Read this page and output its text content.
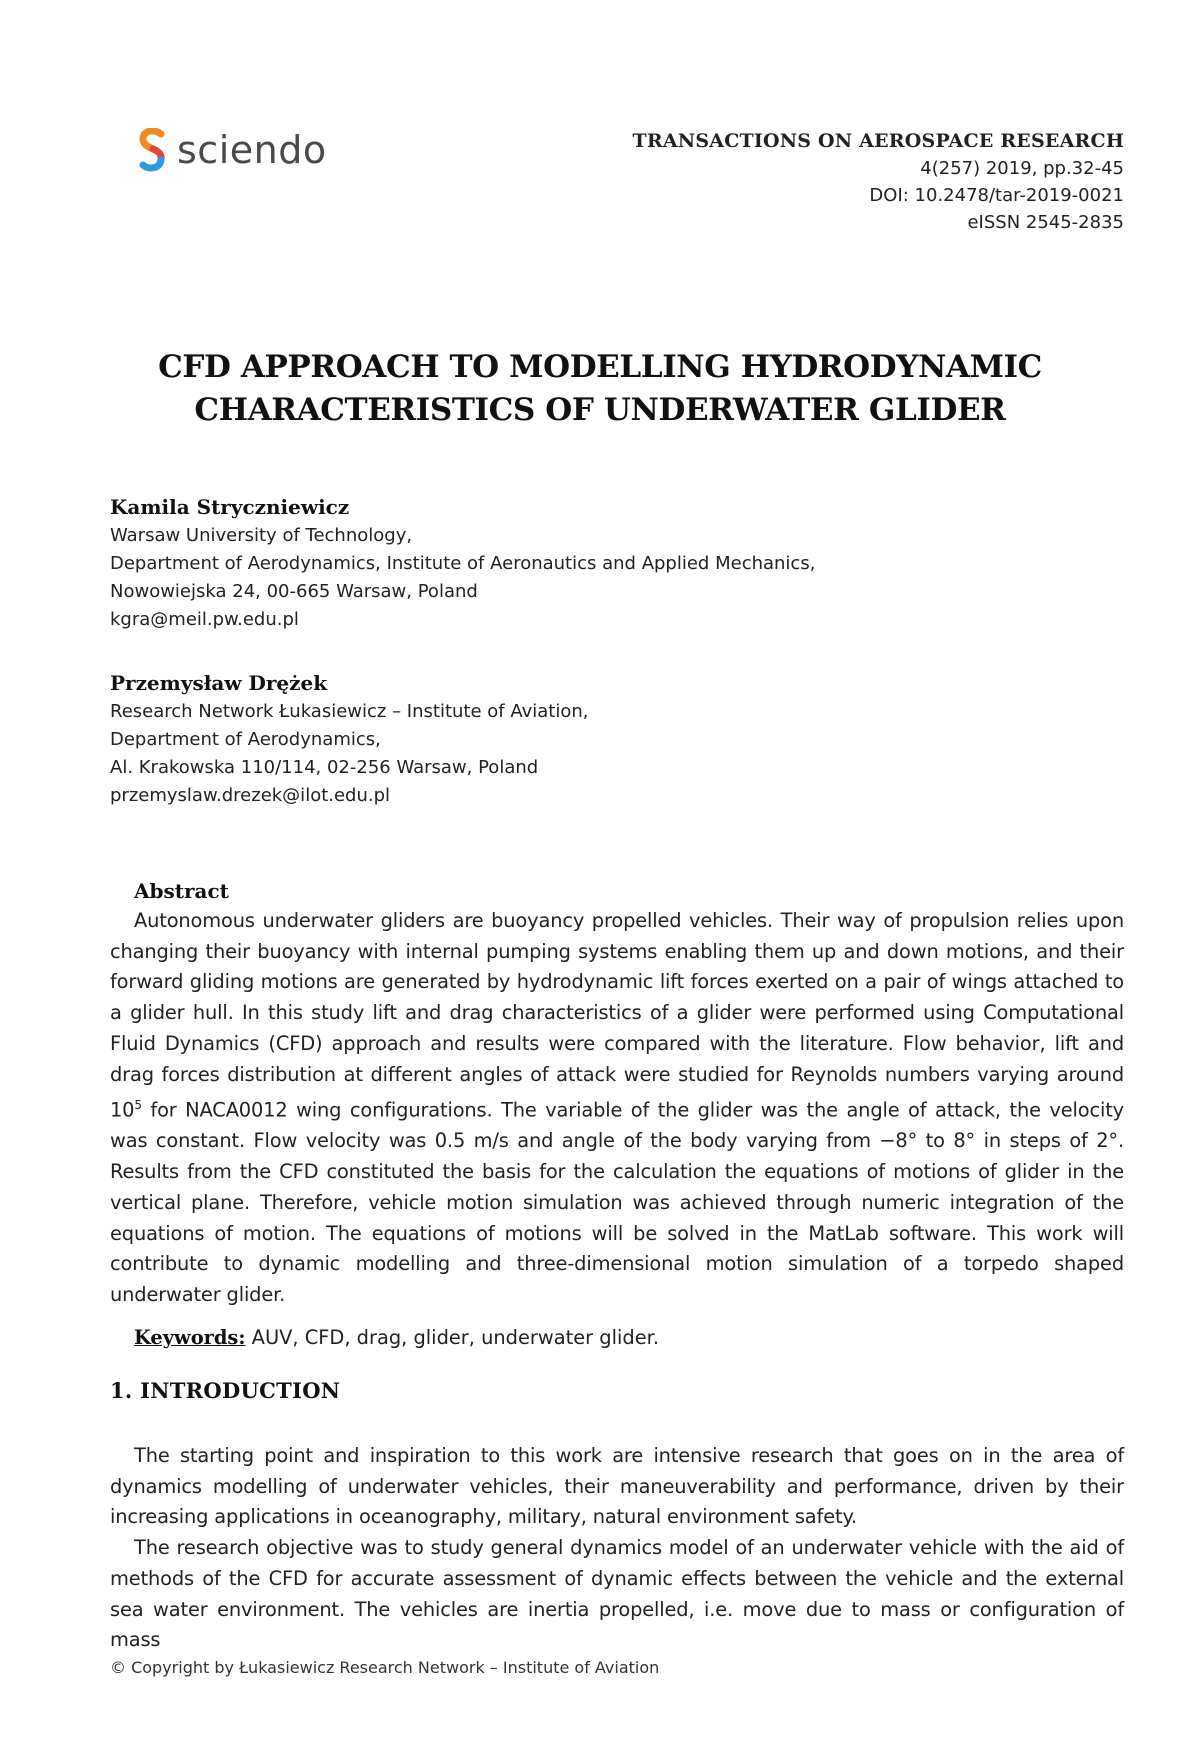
sciendo	TRANSACTIONS ON AEROSPACE RESEARCH
4(257) 2019, pp.32-45
DOI: 10.2478/tar-2019-0021
eISSN 2545-2835
CFD APPROACH TO MODELLING HYDRODYNAMIC
CHARACTERISTICS OF UNDERWATER GLIDER
Kamila Stryczniewicz
Warsaw University of Technology,
Department of Aerodynamics, Institute of Aeronautics and Applied Mechanics,
Nowowiejska 24, 00-665 Warsaw, Poland
kgra@meil.pw.edu.pl
Przemysław Drężek
Research Network Łukasiewicz – Institute of Aviation,
Department of Aerodynamics,
Al. Krakowska 110/114, 02-256 Warsaw, Poland
przemyslaw.drezek@ilot.edu.pl
Abstract

Autonomous underwater gliders are buoyancy propelled vehicles. Their way of propulsion relies upon changing their buoyancy with internal pumping systems enabling them up and down motions, and their forward gliding motions are generated by hydrodynamic lift forces exerted on a pair of wings attached to a glider hull. In this study lift and drag characteristics of a glider were performed using Computational Fluid Dynamics (CFD) approach and results were compared with the literature. Flow behavior, lift and drag forces distribution at different angles of attack were studied for Reynolds numbers varying around $10^5$ for NACA0012 wing configurations. The variable of the glider was the angle of attack, the velocity was constant. Flow velocity was 0.5 m/s and angle of the body varying from −8° to 8° in steps of 2°. Results from the CFD constituted the basis for the calculation the equations of motions of glider in the vertical plane. Therefore, vehicle motion simulation was achieved through numeric integration of the equations of motion. The equations of motions will be solved in the MatLab software. This work will contribute to dynamic modelling and three-dimensional motion simulation of a torpedo shaped underwater glider.

Keywords: AUV, CFD, drag, glider, underwater glider.
1. INTRODUCTION

The starting point and inspiration to this work are intensive research that goes on in the area of dynamics modelling of underwater vehicles, their maneuverability and performance, driven by their increasing applications in oceanography, military, natural environment safety.

The research objective was to study general dynamics model of an underwater vehicle with the aid of methods of the CFD for accurate assessment of dynamic effects between the vehicle and the external sea water environment. The vehicles are inertia propelled, i.e. move due to mass or configuration of mass

© Copyright by Łukasiewicz Research Network – Institute of Aviation
